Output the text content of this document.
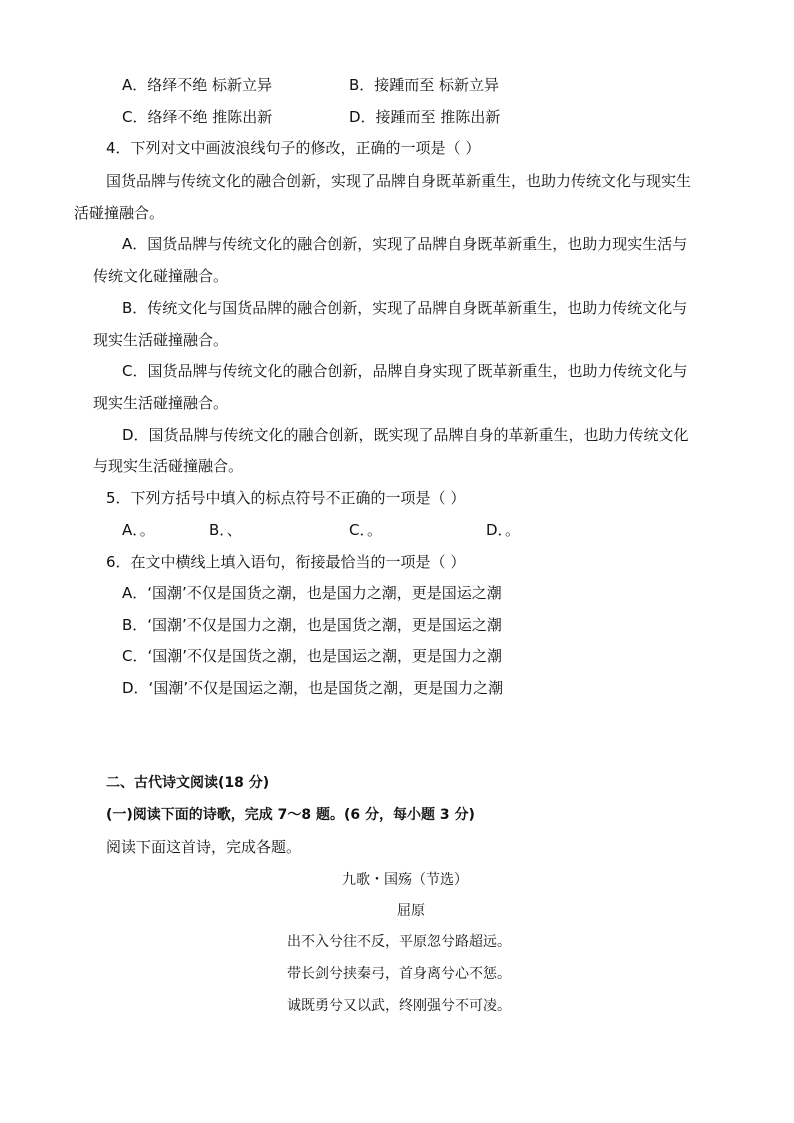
A．络绎不绝 标新立异	B．接踵而至 标新立异
C．络绎不绝 推陈出新	D．接踵而至 推陈出新
4．下列对文中画波浪线句子的修改，正确的一项是（ ）
国货品牌与传统文化的融合创新，实现了品牌自身既革新重生，也助力传统文化与现实生
活碰撞融合。
A．国货品牌与传统文化的融合创新，实现了品牌自身既革新重生，也助力现实生活与
传统文化碰撞融合。
B．传统文化与国货品牌的融合创新，实现了品牌自身既革新重生，也助力传统文化与
现实生活碰撞融合。
C．国货品牌与传统文化的融合创新，品牌自身实现了既革新重生，也助力传统文化与
现实生活碰撞融合。
D．国货品牌与传统文化的融合创新，既实现了品牌自身的革新重生，也助力传统文化
与现实生活碰撞融合。
5．下列方括号中填入的标点符号不正确的一项是（ ）
A．。	B．、	C．。	D．。
6．在文中横线上填入语句，衔接最恰当的一项是（ ）
A．‘国潮’不仅是国货之潮，也是国力之潮，更是国运之潮
B．‘国潮’不仅是国力之潮，也是国货之潮，更是国运之潮
C．‘国潮’不仅是国货之潮，也是国运之潮，更是国力之潮
D．‘国潮’不仅是国运之潮，也是国货之潮，更是国力之潮
二、古代诗文阅读(18 分)
(一)阅读下面的诗歌，完成 7～8 题。(6 分，每小题 3 分)
阅读下面这首诗，完成各题。
九歌・国殇（节选）
屈原
出不入兮往不反，平原忽兮路超远。
带长剑兮挟秦弓，首身离兮心不惩。
诚既勇兮又以武，终刚强兮不可凌。
